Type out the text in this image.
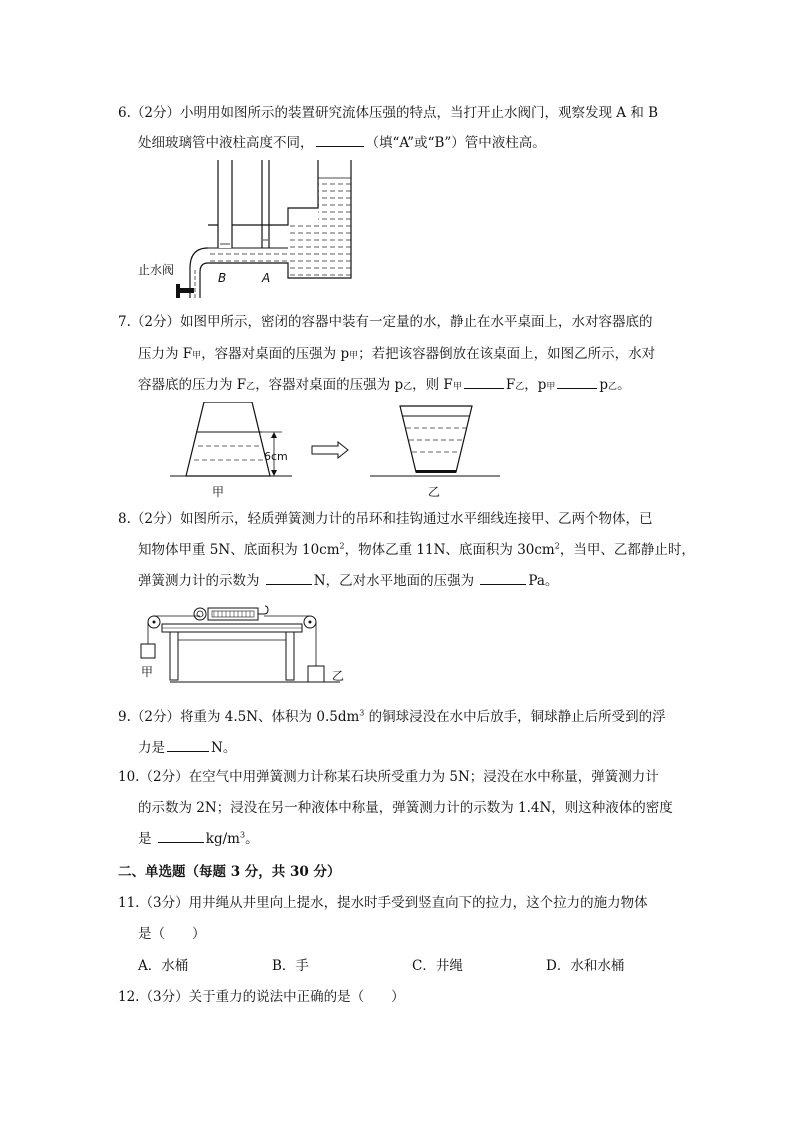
6.（2分）小明用如图所示的装置研究流体压强的特点，当打开止水阀门，观察发现 A 和 B
处细玻璃管中液柱高度不同，	（填“A”或“B”）管中液柱高。
止水阀
B	A
7.（2分）如图甲所示，密闭的容器中装有一定量的水，静止在水平桌面上，水对容器底的
压力为 F甲，容器对桌面的压强为 p甲；若把该容器倒放在该桌面上，如图乙所示，水对
容器底的压力为 F乙，容器对桌面的压强为 p乙，则 F甲	F乙，p甲	p乙。
6cm
甲	乙
8.（2分）如图所示，轻质弹簧测力计的吊环和挂钩通过水平细线连接甲、乙两个物体，已
知物体甲重 5N、底面积为 $10cm^2$，物体乙重 11N、底面积为 $30cm^2$，当甲、乙都静止时，
弹簧测力计的示数为	N，乙对水平地面的压强为	Pa。
甲	乙
9.（2分）将重为 4.5N、体积为 $0.5dm^3$ 的铜球浸没在水中后放手，铜球静止后所受到的浮
力是	N。
10.（2分）在空气中用弹簧测力计称某石块所受重力为 5N；浸没在水中称量，弹簧测力计
的示数为 2N；浸没在另一种液体中称量，弹簧测力计的示数为 1.4N，则这种液体的密度
是	$kg/m^3$。
二、单选题（每题 3 分，共 30 分）
11.（3分）用井绳从井里向上提水，提水时手受到竖直向下的拉力，这个拉力的施力物体
是（　　）
A．水桶	B．手	C．井绳	D．水和水桶
12.（3分）关于重力的说法中正确的是（　　）
